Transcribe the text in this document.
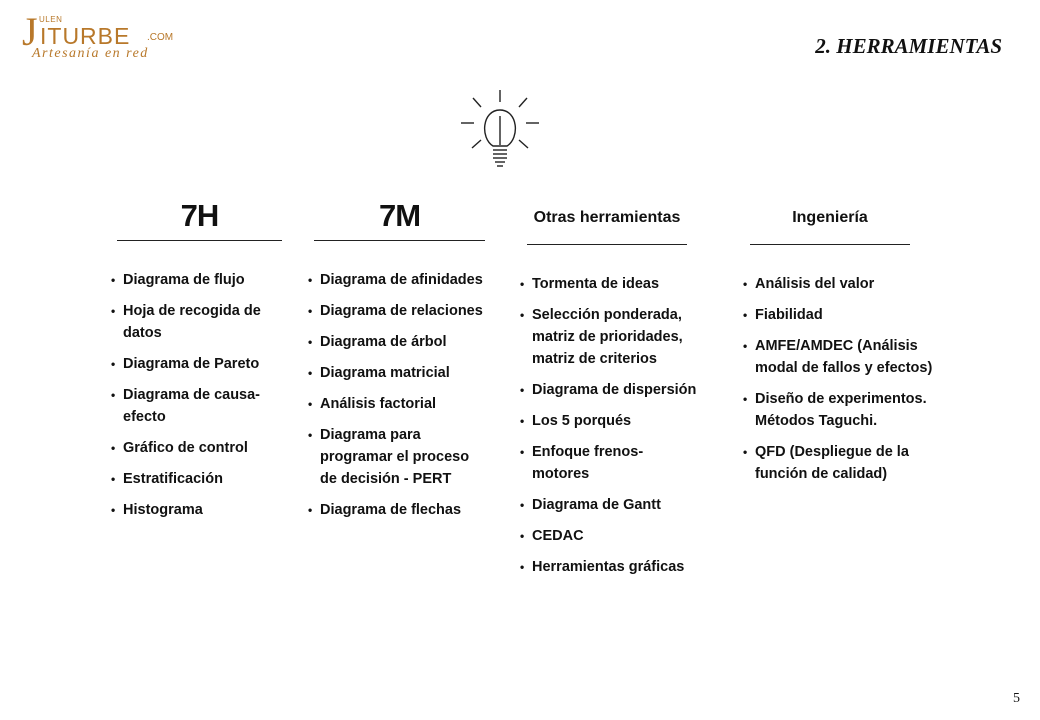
J ULEN
ITURBE .COM
Artesanía en red	2. HERRAMIENTAS
7H
• Diagrama de flujo
• Hoja de recogida de datos
• Diagrama de Pareto
• Diagrama de causa-efecto
• Gráfico de control
• Estratificación
• Histograma
7M
• Diagrama de afinidades
• Diagrama de relaciones
• Diagrama de árbol
• Diagrama matricial
• Análisis factorial
• Diagrama para programar el proceso de decisión - PERT
• Diagrama de flechas
Otras herramientas
• Tormenta de ideas
• Selección ponderada, matriz de prioridades, matriz de criterios
• Diagrama de dispersión
• Los 5 porqués
• Enfoque frenos-motores
• Diagrama de Gantt
• CEDAC
• Herramientas gráficas
Ingeniería
• Análisis del valor
• Fiabilidad
• AMFE/AMDEC (Análisis modal de fallos y efectos)
• Diseño de experimentos. Métodos Taguchi.
• QFD (Despliegue de la función de calidad)
5
